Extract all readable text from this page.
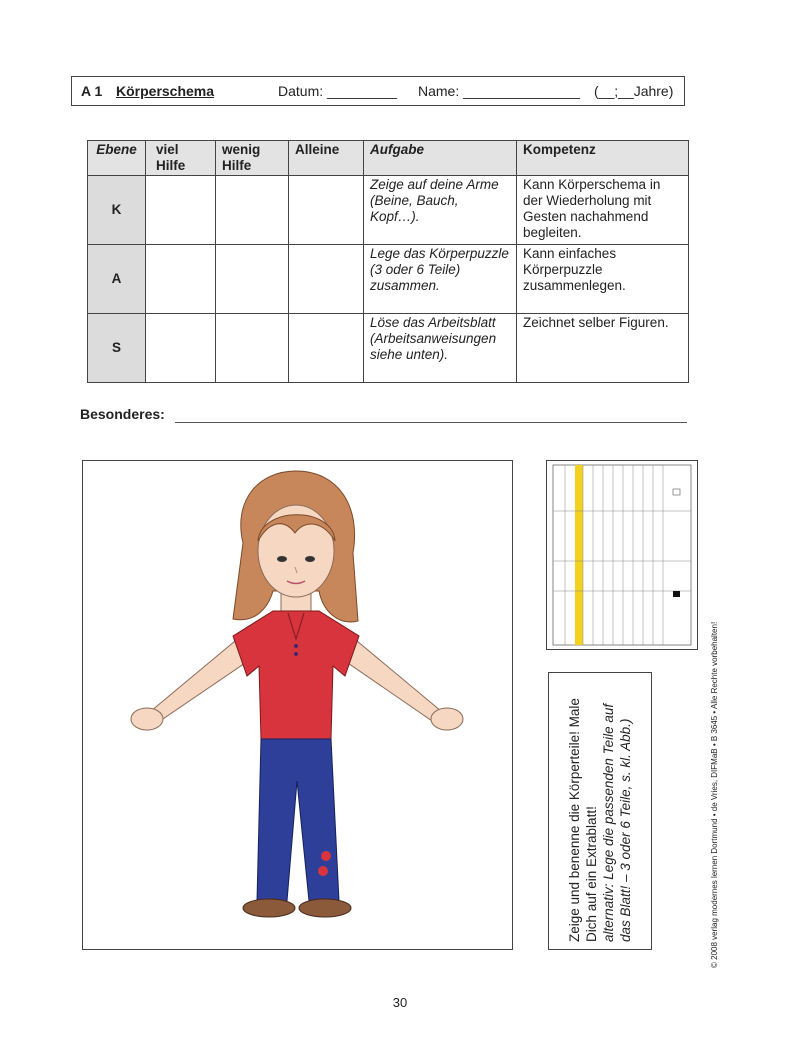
A 1 Körperschema	Datum: _________ Name: _______________ (__;__Jahre)
Ebene	viel Hilfe	wenig Hilfe	Alleine	Aufgabe	Kompetenz
K				Zeige auf deine Arme (Beine, Bauch, Kopf…).	Kann Körperschema in der Wiederholung mit Gesten nachahmend begleiten.
A				Lege das Körperpuzzle (3 oder 6 Teile) zusammen.	Kann einfaches Körperpuzzle zusammenlegen.
S				Löse das Arbeitsblatt (Arbeitsanweisungen siehe unten).	Zeichnet selber Figuren.
Besonderes:
Zeige und benenne die Körperteile! Male Dich auf ein Extrablatt! alternativ: Lege die passenden Teile auf das Blatt! – 3 oder 6 Teile, s. kl. Abb.)	© 2008 verlag modernes lernen Dortmund • de Vries, DIFMaB • B 3645 • Alle Rechte vorbehalten!
30
